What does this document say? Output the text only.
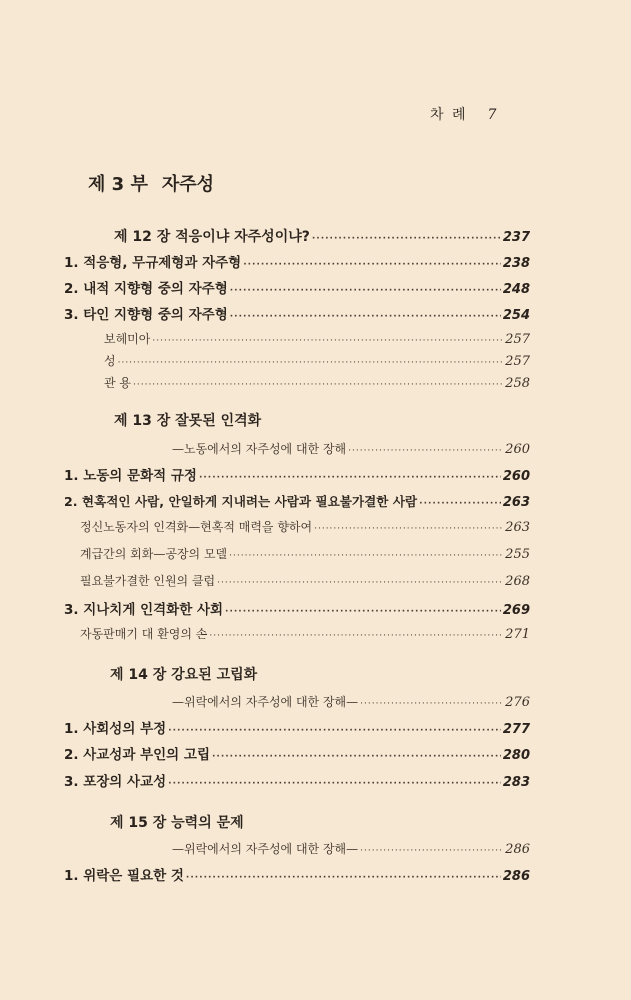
차 례 7
제 3 부 자주성
제 12 장 적응이냐 자주성이냐? ·····	237
1. 적응형, 무규제형과 자주형 ·····	238
2. 내적 지향형 중의 자주형 ·····	248
3. 타인 지향형 중의 자주형 ·····	254
보헤미아 ·····	257
성 ·····	257
관 용 ·····	258
제 13 장 잘못된 인격화
—노동에서의 자주성에 대한 장해 ·····	260
1. 노동의 문화적 규정 ·····	260
2. 현혹적인 사람, 안일하게 지내려는 사람과 필요불가결한 사람 ·····	263
정신노동자의 인격화—현혹적 매력을 향하여 ·····	263
계급간의 회화—공장의 모델 ·····	255
필요불가결한 인원의 클럽 ·····	268
3. 지나치게 인격화한 사회 ·····	269
자동판매기 대 환영의 손 ·····	271
제 14 장 강요된 고립화
—위락에서의 자주성에 대한 장해— ·····	276
1. 사회성의 부정 ·····	277
2. 사교성과 부인의 고립 ·····	280
3. 포장의 사교성 ·····	283
제 15 장 능력의 문제
—위락에서의 자주성에 대한 장해— ·····	286
1. 위락은 필요한 것 ·····	286
